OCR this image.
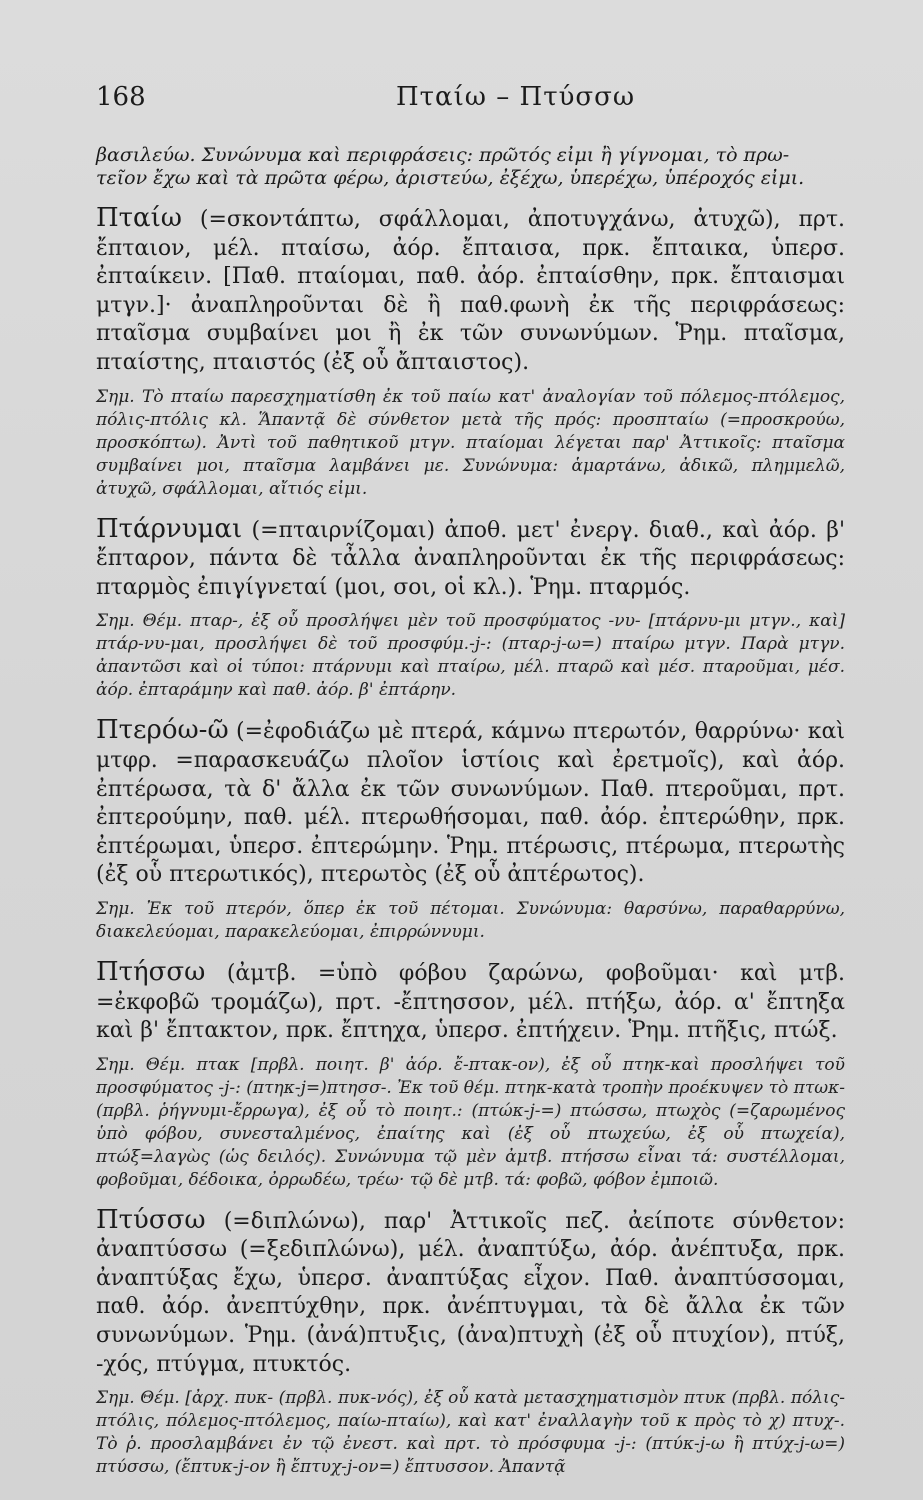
168	Πταίω – Πτύσσω

βασιλεύω. Συνώνυμα καὶ περιφράσεις: πρῶτός εἰμι ἢ γίγνομαι, τὸ πρω-

τεῖον ἔχω καὶ τὰ πρῶτα φέρω, ἀριστεύω, ἐξέχω, ὑπερέχω, ὑπέροχός εἰμι.

Πταίω (=σκοντάπτω, σφάλλομαι, ἀποτυγχάνω, ἀτυχῶ), πρτ. ἔπταιον, μέλ. πταίσω, ἀόρ. ἔπταισα, πρκ. ἔπταικα, ὑπερσ. ἐπταίκειν. [Παθ. πταίομαι, παθ. ἀόρ. ἐπταίσθην, πρκ. ἔπταισμαι μτγν.]· ἀναπληροῦνται δὲ ἢ παθ.φωνὴ ἐκ τῆς περιφράσεως: πταῖσμα συμβαίνει μοι ἢ ἐκ τῶν συνωνύμων. Ῥημ. πταῖσμα, πταίστης, πταιστός (ἐξ οὗ ἄπταιστος).

Σημ. Τὸ πταίω παρεσχηματίσθη ἐκ τοῦ παίω κατ' ἀναλογίαν τοῦ πόλεμος-πτόλεμος, πόλις-πτόλις κλ. Ἅπαντᾷ δὲ σύνθετον μετὰ τῆς πρός: προσπταίω (=προσκρούω, προσκόπτω). Ἀντὶ τοῦ παθητικοῦ μτγν. πταίομαι λέγεται παρ' Ἀττικοῖς: πταῖσμα συμβαίνει μοι, πταῖσμα λαμβάνει με. Συνώνυμα: ἁμαρτάνω, ἀδικῶ, πλημμελῶ, ἀτυχῶ, σφάλλομαι, αἴτιός εἰμι.

Πτάρνυμαι (=πταιρνίζομαι) ἀποθ. μετ' ἐνεργ. διαθ., καὶ ἀόρ. β' ἔπταρον, πάντα δὲ τἆλλα ἀναπληροῦνται ἐκ τῆς περιφράσεως: πταρμὸς ἐπιγίγνεταί (μοι, σοι, οἱ κλ.). Ῥημ. πταρμός.

Σημ. Θέμ. πταρ-, ἐξ οὗ προσλήψει μὲν τοῦ προσφύματος -νυ- [πτάρνυ-μι μτγν., καὶ] πτάρ-νυ-μαι, προσλήψει δὲ τοῦ προσφύμ.-j-: (πταρ-j-ω=) πταίρω μτγν. Παρὰ μτγν. ἀπαντῶσι καὶ οἱ τύποι: πτάρνυμι καὶ πταίρω, μέλ. πταρῶ καὶ μέσ. πταροῦμαι, μέσ. ἀόρ. ἐπταράμην καὶ παθ. ἀόρ. β' ἐπτάρην.

Πτερόω-ῶ (=ἐφοδιάζω μὲ πτερά, κάμνω πτερωτόν, θαρρύνω· καὶ μτφρ. =παρασκευάζω πλοῖον ἱστίοις καὶ ἐρετμοῖς), καὶ ἀόρ. ἐπτέρωσα, τὰ δ' ἄλλα ἐκ τῶν συνωνύμων. Παθ. πτεροῦμαι, πρτ. ἐπτερούμην, παθ. μέλ. πτερωθήσομαι, παθ. ἀόρ. ἐπτερώθην, πρκ. ἐπτέρωμαι, ὑπερσ. ἐπτερώμην. Ῥημ. πτέρωσις, πτέρωμα, πτερωτὴς (ἐξ οὗ πτερωτικός), πτερωτὸς (ἐξ οὗ ἀπτέρωτος).

Σημ. Ἐκ τοῦ πτερόν, ὅπερ ἐκ τοῦ πέτομαι. Συνώνυμα: θαρσύνω, παραθαρρύνω, διακελεύομαι, παρακελεύομαι, ἐπιρρώννυμι.

Πτήσσω (ἀμτβ. =ὑπὸ φόβου ζαρώνω, φοβοῦμαι· καὶ μτβ. =ἐκφοβῶ τρομάζω), πρτ. -ἔπτησσον, μέλ. πτήξω, ἀόρ. α' ἔπτηξα καὶ β' ἔπτακτον, πρκ. ἔπτηχα, ὑπερσ. ἐπτήχειν. Ῥημ. πτῆξις, πτώξ.

Σημ. Θέμ. πτακ [πρβλ. ποιητ. β' ἀόρ. ἔ-πτακ-ον), ἐξ οὗ πτηκ-καὶ προσλήψει τοῦ προσφύματος -j-: (πτηκ-j=)πτησσ-. Ἐκ τοῦ θέμ. πτηκ-κατὰ τροπὴν προέκυψεν τὸ πτωκ- (πρβλ. ῥήγνυμι-ἔρρωγα), ἐξ οὗ τὸ ποιητ.: (πτώκ-j-=) πτώσσω, πτωχὸς (=ζαρωμένος ὑπὸ φόβου, συνεσταλμένος, ἐπαίτης καὶ (ἐξ οὗ πτωχεύω, ἐξ οὗ πτωχεία), πτώξ=λαγὼς (ὡς δειλός). Συνώνυμα τῷ μὲν ἀμτβ. πτήσσω εἶναι τά: συστέλλομαι, φοβοῦμαι, δέδοικα, ὀρρωδέω, τρέω· τῷ δὲ μτβ. τά: φοβῶ, φόβον ἐμποιῶ.

Πτύσσω (=διπλώνω), παρ' Ἀττικοῖς πεζ. ἀείποτε σύνθετον: ἀναπτύσσω (=ξεδιπλώνω), μέλ. ἀναπτύξω, ἀόρ. ἀνέπτυξα, πρκ. ἀναπτύξας ἔχω, ὑπερσ. ἀναπτύξας εἶχον. Παθ. ἀναπτύσσομαι, παθ. ἀόρ. ἀνεπτύχθην, πρκ. ἀνέπτυγμαι, τὰ δὲ ἄλλα ἐκ τῶν συνωνύμων. Ῥημ. (ἀνά)πτυξις, (ἀνα)πτυχὴ (ἐξ οὗ πτυχίον), πτύξ, -χός, πτύγμα, πτυκτός.

Σημ. Θέμ. [ἀρχ. πυκ- (πρβλ. πυκ-νός), ἐξ οὗ κατὰ μετασχηματισμὸν πτυκ (πρβλ. πόλις-πτόλις, πόλεμος-πτόλεμος, παίω-πταίω), καὶ κατ' ἐναλλαγὴν τοῦ κ πρὸς τὸ χ) πτυχ-. Τὸ ῥ. προσλαμβάνει ἐν τῷ ἐνεστ. καὶ πρτ. τὸ πρόσφυμα -j-: (πτύκ-j-ω ἢ πτύχ-j-ω=) πτύσσω, (ἔπτυκ-j-ον ἢ ἔπτυχ-j-ον=) ἔπτυσσον. Ἀπαντᾷ
